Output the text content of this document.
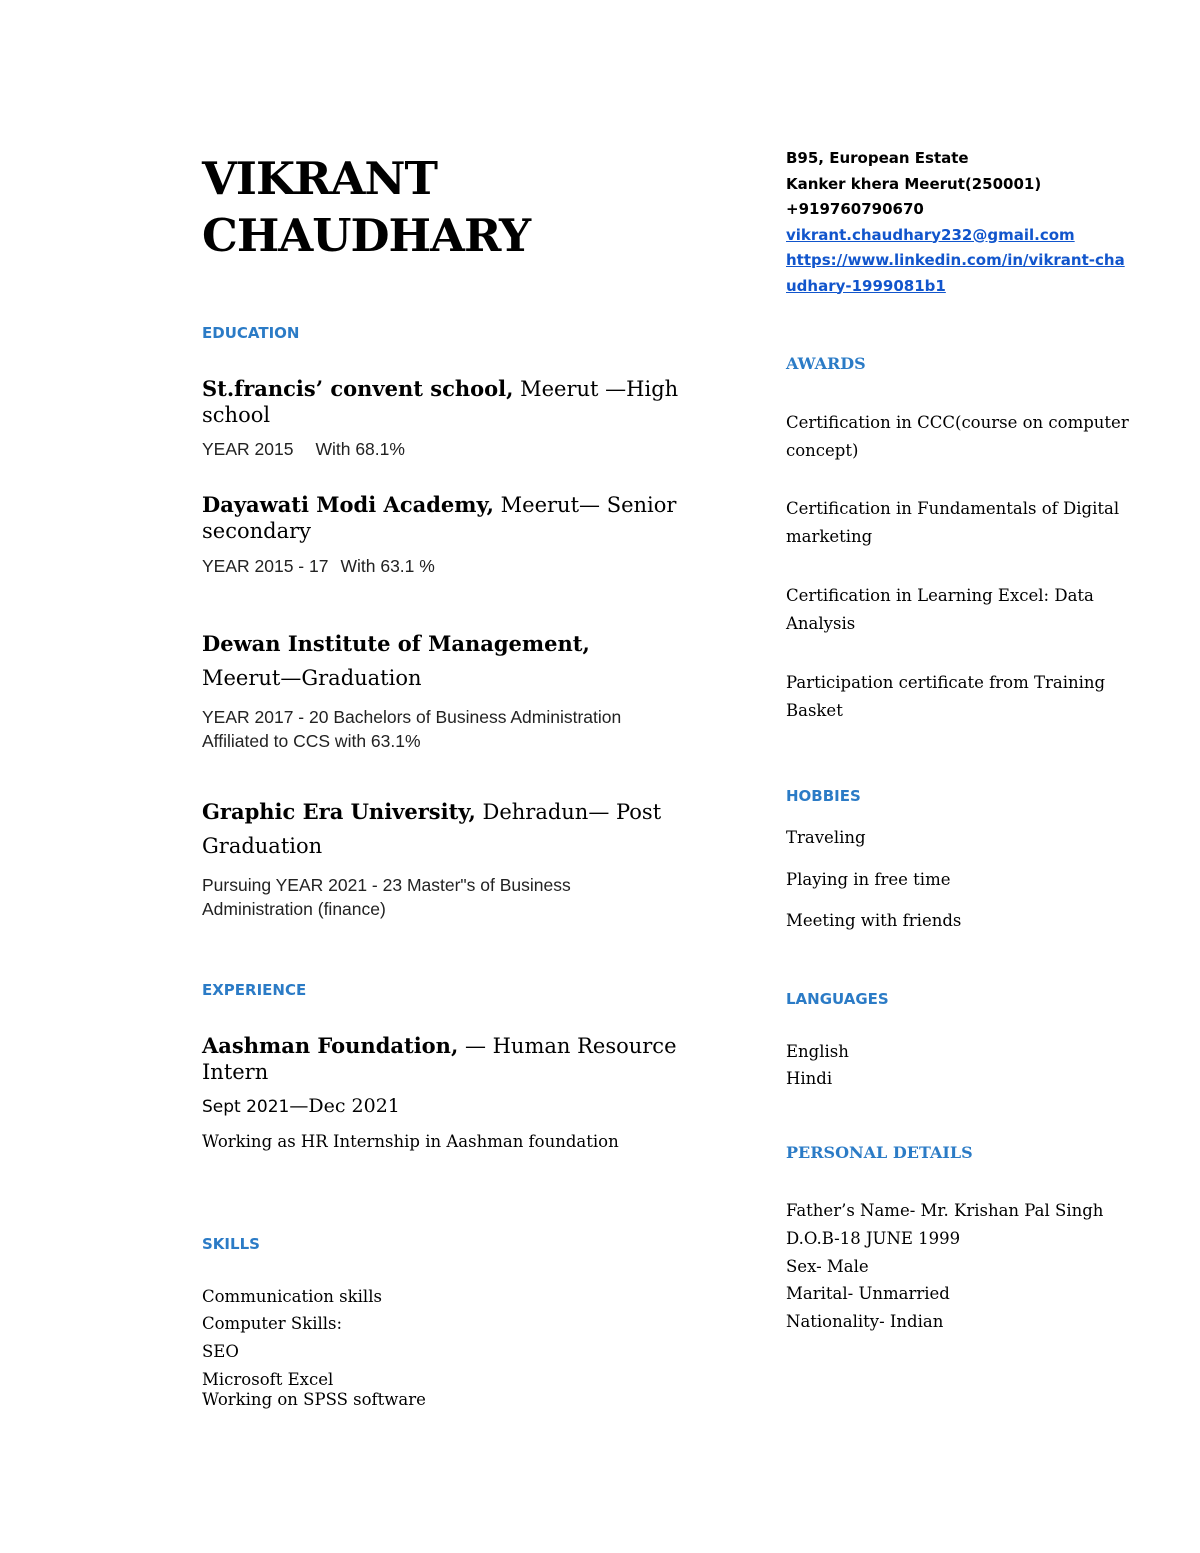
VIKRANT
CHAUDHARY
B95, European Estate
Kanker khera Meerut(250001)
+919760790670
vikrant.chaudhary232@gmail.com
https://www.linkedin.com/in/vikrant-cha
udhary-1999081b1
EDUCATION
St.francis’ convent school, Meerut —High school
YEAR 2015 With 68.1%
Dayawati Modi Academy, Meerut— Senior secondary
YEAR 2015 - 17 With 63.1 %
Dewan Institute of Management,
Meerut—Graduation
YEAR 2017 - 20 Bachelors of Business Administration
Affiliated to CCS with 63.1%
Graphic Era University, Dehradun— Post Graduation
Pursuing YEAR 2021 - 23 Master"s of Business
Administration (finance)
EXPERIENCE
Aashman Foundation, — Human Resource Intern
Sept 2021—Dec 2021
Working as HR Internship in Aashman foundation
SKILLS
Communication skills
Computer Skills:
SEO
Microsoft Excel
Working on SPSS software
AWARDS
Certification in CCC(course on computer concept)
Certification in Fundamentals of Digital marketing
Certification in Learning Excel: Data Analysis
Participation certificate from Training Basket
HOBBIES
Traveling
Playing in free time
Meeting with friends
LANGUAGES
English
Hindi
PERSONAL DETAILS
Father’s Name- Mr. Krishan Pal Singh
D.O.B-18 JUNE 1999
Sex- Male
Marital- Unmarried
Nationality- Indian
